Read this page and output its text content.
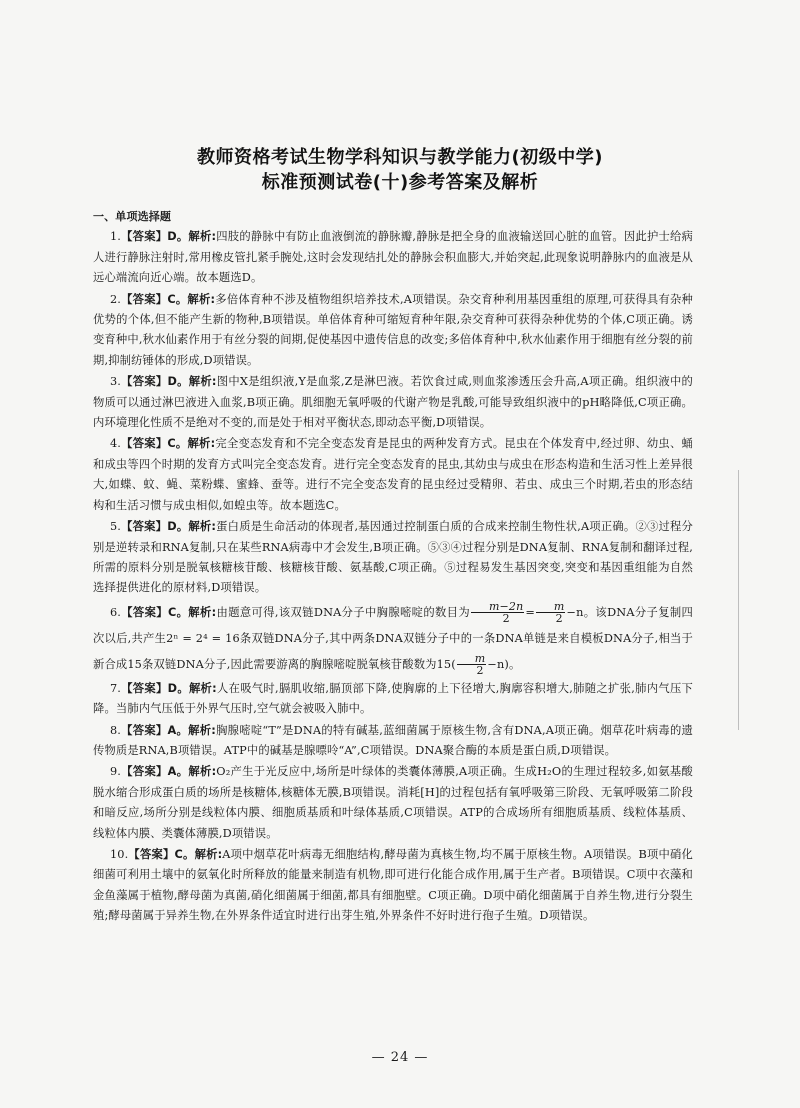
教师资格考试生物学科知识与教学能力(初级中学)
标准预测试卷(十)参考答案及解析
一、单项选择题

1.【答案】D。解析:四肢的静脉中有防止血液倒流的静脉瓣,静脉是把全身的血液输送回心脏的血管。因此护士给病人进行静脉注射时,常用橡皮管扎紧手腕处,这时会发现结扎处的静脉会积血膨大,并始突起,此现象说明静脉内的血液是从远心端流向近心端。故本题选D。

2.【答案】C。解析:多倍体育种不涉及植物组织培养技术,A项错误。杂交育种利用基因重组的原理,可获得具有杂种优势的个体,但不能产生新的物种,B项错误。单倍体育种可缩短育种年限,杂交育种可获得杂种优势的个体,C项正确。诱变育种中,秋水仙素作用于有丝分裂的间期,促使基因中遗传信息的改变;多倍体育种中,秋水仙素作用于细胞有丝分裂的前期,抑制纺锤体的形成,D项错误。

3.【答案】D。解析:图中X是组织液,Y是血浆,Z是淋巴液。若饮食过咸,则血浆渗透压会升高,A项正确。组织液中的物质可以通过淋巴液进入血浆,B项正确。肌细胞无氧呼吸的代谢产物是乳酸,可能导致组织液中的pH略降低,C项正确。内环境理化性质不是绝对不变的,而是处于相对平衡状态,即动态平衡,D项错误。

4.【答案】C。解析:完全变态发育和不完全变态发育是昆虫的两种发育方式。昆虫在个体发育中,经过卵、幼虫、蛹和成虫等四个时期的发育方式叫完全变态发育。进行完全变态发育的昆虫,其幼虫与成虫在形态构造和生活习性上差异很大,如蝶、蚊、蝇、菜粉蝶、蜜蜂、蚕等。进行不完全变态发育的昆虫经过受精卵、若虫、成虫三个时期,若虫的形态结构和生活习惯与成虫相似,如蝗虫等。故本题选C。

5.【答案】D。解析:蛋白质是生命活动的体现者,基因通过控制蛋白质的合成来控制生物性状,A项正确。②③过程分别是逆转录和RNA复制,只在某些RNA病毒中才会发生,B项正确。⑤③④过程分别是DNA复制、RNA复制和翻译过程,所需的原料分别是脱氧核糖核苷酸、核糖核苷酸、氨基酸,C项正确。⑤过程易发生基因突变,突变和基因重组能为自然选择提供进化的原材料,D项错误。

6.【答案】C。解析:由题意可得,该双链DNA分子中胸腺嘧啶的数目为 $\frac{m-2n}{2} = \frac{m}{2} -n$。该DNA分子复制四次以后,共产生2ⁿ = 2⁴ = 16条双链DNA分子,其中两条DNA双链分子中的一条DNA单链是来自模板DNA分子,相当于新合成15条双链DNA分子,因此需要游离的胸腺嘧啶脱氧核苷酸数为$15( \frac{m}{2} -n)$。

7.【答案】D。解析:人在吸气时,膈肌收缩,膈顶部下降,使胸廓的上下径增大,胸廓容积增大,肺随之扩张,肺内气压下降。当肺内气压低于外界气压时,空气就会被吸入肺中。

8.【答案】A。解析:胸腺嘧啶“T”是DNA的特有碱基,蓝细菌属于原核生物,含有DNA,A项正确。烟草花叶病毒的遗传物质是RNA,B项错误。ATP中的碱基是腺嘌呤“A”,C项错误。DNA聚合酶的本质是蛋白质,D项错误。

9.【答案】A。解析:O₂产生于光反应中,场所是叶绿体的类囊体薄膜,A项正确。生成H₂O的生理过程较多,如氨基酸脱水缩合形成蛋白质的场所是核糖体,核糖体无膜,B项错误。消耗[H]的过程包括有氧呼吸第三阶段、无氧呼吸第二阶段和暗反应,场所分别是线粒体内膜、细胞质基质和叶绿体基质,C项错误。ATP的合成场所有细胞质基质、线粒体基质、线粒体内膜、类囊体薄膜,D项错误。

10.【答案】C。解析:A项中烟草花叶病毒无细胞结构,酵母菌为真核生物,均不属于原核生物。A项错误。B项中硝化细菌可利用土壤中的氨氧化时所释放的能量来制造有机物,即可进行化能合成作用,属于生产者。B项错误。C项中衣藻和金鱼藻属于植物,酵母菌为真菌,硝化细菌属于细菌,都具有细胞壁。C项正确。D项中硝化细菌属于自养生物,进行分裂生殖;酵母菌属于异养生物,在外界条件适宜时进行出芽生殖,外界条件不好时进行孢子生殖。D项错误。

— 24 —
